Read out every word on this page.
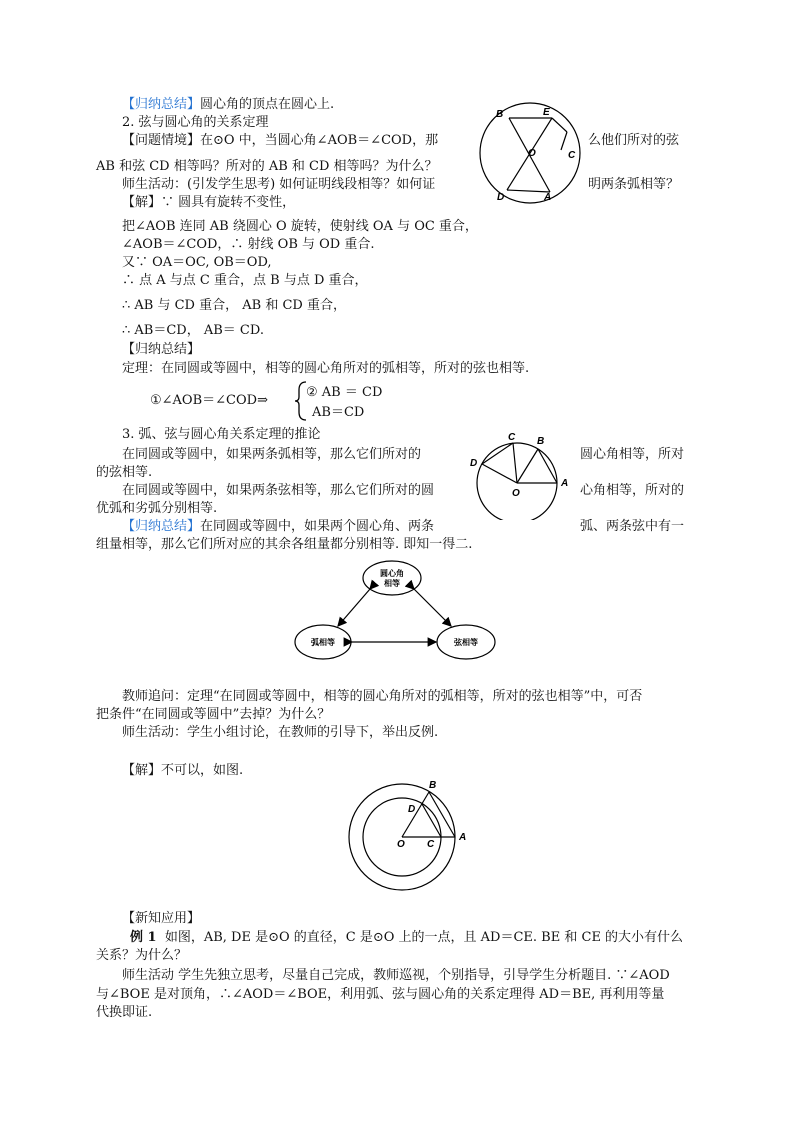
【归纳总结】圆心角的顶点在圆心上.
2. 弦与圆心角的关系定理
【问题情境】在⊙O 中，当圆心角∠AOB＝∠COD，那	么他们所对的弦
AB 和弦 CD 相等吗？所对的 AB 和 CD 相等吗？为什么？
师生活动：(引发学生思考) 如何证明线段相等？如何证	明两条弧相等？
【解】∵ 圆具有旋转不变性，
把∠AOB 连同 AB 绕圆心 O 旋转，使射线 OA 与 OC 重合，
∠AOB＝∠COD，∴ 射线 OB 与 OD 重合.
又∵ OA＝OC, OB＝OD,
∴ 点 A 与点 C 重合，点 B 与点 D 重合，
∴ AB 与 CD 重合， AB 和 CD 重合，
∴ AB＝CD， AB＝ CD.
【归纳总结】
定理：在同圆或等圆中，相等的圆心角所对的弧相等，所对的弦也相等.
①∠AOB＝∠COD⇒
② AB ＝ CD
AB＝CD
B	E
O	C
D	A
3. 弧、弦与圆心角关系定理的推论
在同圆或等圆中，如果两条弧相等，那么它们所对的	圆心角相等，所对
的弦相等.
在同圆或等圆中，如果两条弦相等，那么它们所对的圆	心角相等，所对的
优弧和劣弧分别相等.
【归纳总结】在同圆或等圆中，如果两个圆心角、两条	弧、两条弦中有一
组量相等，那么它们所对应的其余各组量都分别相等. 即知一得二.
C B
D
O
A
圆心角
相等
弧相等	弦相等
教师追问：定理“在同圆或等圆中，相等的圆心角所对的弧相等，所对的弦也相等”中，可否
把条件“在同圆或等圆中”去掉？为什么？
师生活动：学生小组讨论，在教师的引导下，举出反例.
【解】不可以，如图.
B
D
O C
A
【新知应用】
例 1 如图，AB, DE 是⊙O 的直径，C 是⊙O 上的一点，且 AD＝CE. BE 和 CE 的大小有什么
关系？为什么？
师生活动 学生先独立思考，尽量自己完成，教师巡视，个别指导，引导学生分析题目. ∵∠AOD
与∠BOE 是对顶角，∴∠AOD＝∠BOE，利用弧、弦与圆心角的关系定理得 AD＝BE, 再利用等量
代换即证.
